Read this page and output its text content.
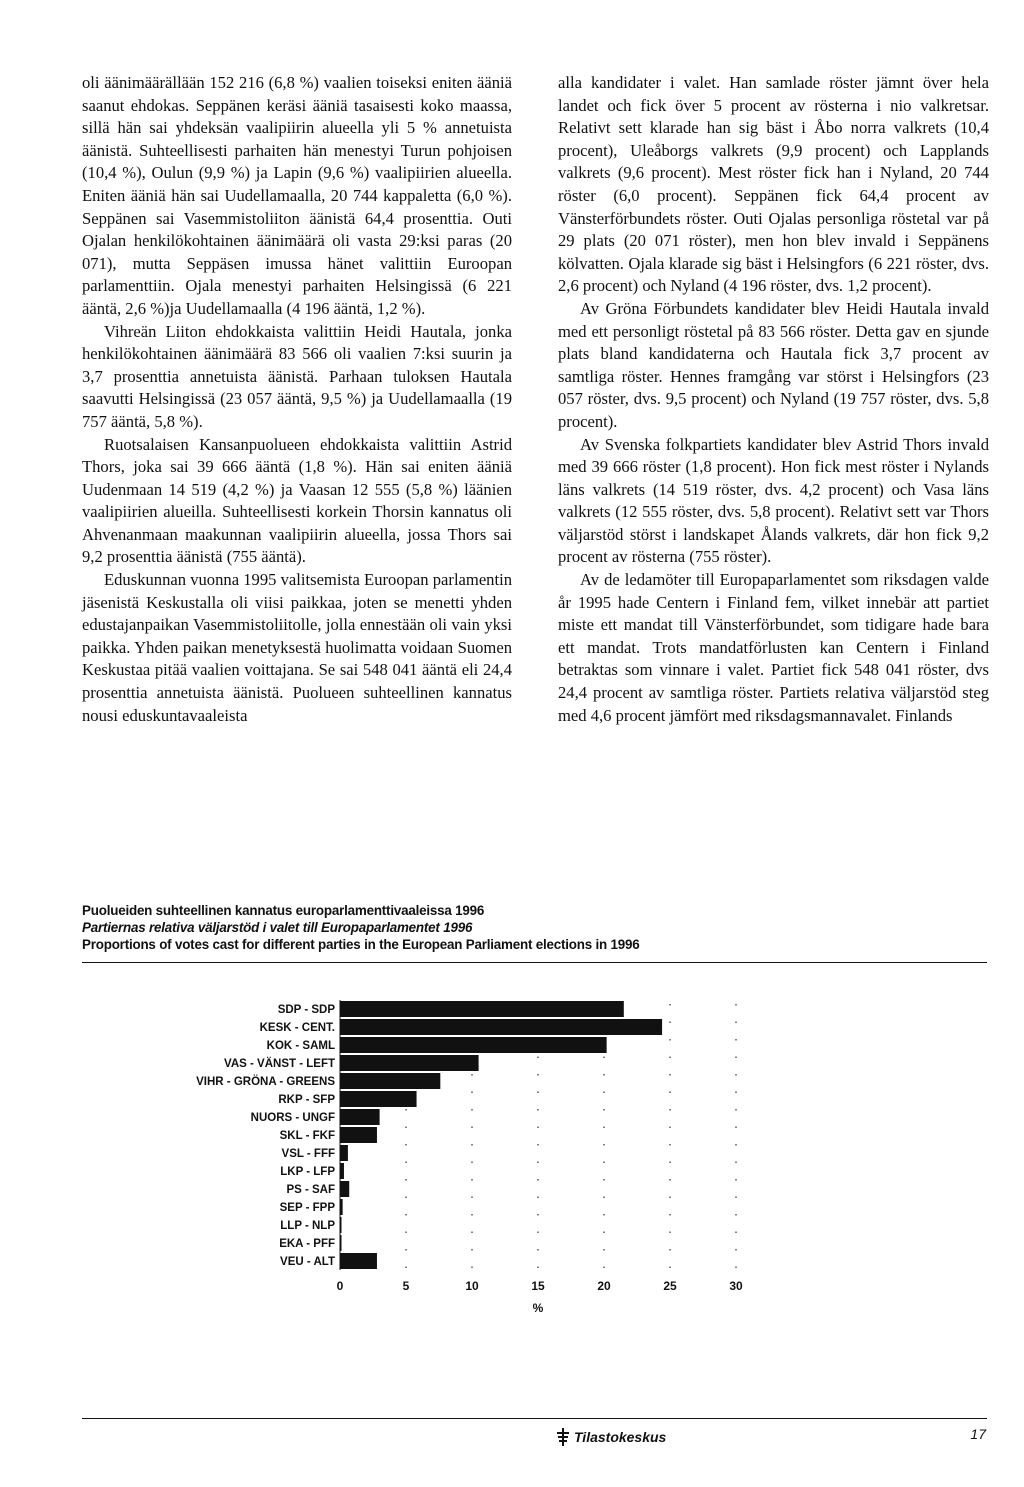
oli äänimäärällään 152 216 (6,8 %) vaalien toiseksi eniten ääniä saanut ehdokas. Seppänen keräsi ääniä tasaisesti koko maassa, sillä hän sai yhdeksän vaalipiirin alueella yli 5 % annetuista äänistä. Suhteellisesti parhaiten hän menestyi Turun pohjoisen (10,4 %), Oulun (9,9 %) ja Lapin (9,6 %) vaalipiirien alueella. Eniten ääniä hän sai Uudellamaalla, 20 744 kappaletta (6,0 %). Seppänen sai Vasemmistoliiton äänistä 64,4 prosenttia. Outi Ojalan henkilökohtainen äänimäärä oli vasta 29:ksi paras (20 071), mutta Seppäsen imussa hänet valittiin Euroopan parlamenttiin. Ojala menestyi parhaiten Helsingissä (6 221 ääntä, 2,6 %)ja Uudellamaalla (4 196 ääntä, 1,2 %).

Vihreän Liiton ehdokkaista valittiin Heidi Hautala, jonka henkilökohtainen äänimäärä 83 566 oli vaalien 7:ksi suurin ja 3,7 prosenttia annetuista äänistä. Parhaan tuloksen Hautala saavutti Helsingissä (23 057 ääntä, 9,5 %) ja Uudellamaalla (19 757 ääntä, 5,8 %).

Ruotsalaisen Kansanpuolueen ehdokkaista valittiin Astrid Thors, joka sai 39 666 ääntä (1,8 %). Hän sai eniten ääniä Uudenmaan 14 519 (4,2 %) ja Vaasan 12 555 (5,8 %) läänien vaalipiirien alueilla. Suhteellisesti korkein Thorsin kannatus oli Ahvenanmaan maakunnan vaalipiirin alueella, jossa Thors sai 9,2 prosenttia äänistä (755 ääntä).

Eduskunnan vuonna 1995 valitsemista Euroopan parlamentin jäsenistä Keskustalla oli viisi paikkaa, joten se menetti yhden edustajanpaikan Vasemmistoliitolle, jolla ennestään oli vain yksi paikka. Yhden paikan menetyksestä huolimatta voidaan Suomen Keskustaa pitää vaalien voittajana. Se sai 548 041 ääntä eli 24,4 prosenttia annetuista äänistä. Puolueen suhteellinen kannatus nousi eduskuntavaaleista

alla kandidater i valet. Han samlade röster jämnt över hela landet och fick över 5 procent av rösterna i nio valkretsar. Relativt sett klarade han sig bäst i Åbo norra valkrets (10,4 procent), Uleåborgs valkrets (9,9 procent) och Lapplands valkrets (9,6 procent). Mest röster fick han i Nyland, 20 744 röster (6,0 procent). Seppänen fick 64,4 procent av Vänsterförbundets röster. Outi Ojalas personliga röstetal var på 29 plats (20 071 röster), men hon blev invald i Seppänens kölvatten. Ojala klarade sig bäst i Helsingfors (6 221 röster, dvs. 2,6 procent) och Nyland (4 196 röster, dvs. 1,2 procent).

Av Gröna Förbundets kandidater blev Heidi Hautala invald med ett personligt röstetal på 83 566 röster. Detta gav en sjunde plats bland kandidaterna och Hautala fick 3,7 procent av samtliga röster. Hennes framgång var störst i Helsingfors (23 057 röster, dvs. 9,5 procent) och Nyland (19 757 röster, dvs. 5,8 procent).

Av Svenska folkpartiets kandidater blev Astrid Thors invald med 39 666 röster (1,8 procent). Hon fick mest röster i Nylands läns valkrets (14 519 röster, dvs. 4,2 procent) och Vasa läns valkrets (12 555 röster, dvs. 5,8 procent). Relativt sett var Thors väljarstöd störst i landskapet Ålands valkrets, där hon fick 9,2 procent av rösterna (755 röster).

Av de ledamöter till Europaparlamentet som riksdagen valde år 1995 hade Centern i Finland fem, vilket innebär att partiet miste ett mandat till Vänsterförbundet, som tidigare hade bara ett mandat. Trots mandatförlusten kan Centern i Finland betraktas som vinnare i valet. Partiet fick 548 041 röster, dvs 24,4 procent av samtliga röster. Partiets relativa väljarstöd steg med 4,6 procent jämfört med riksdagsmannavalet. Finlands

Puolueiden suhteellinen kannatus europarlamenttivaaleissa 1996
Partiernas relativa väljarstöd i valet till Europaparlamentet 1996
Proportions of votes cast for different parties in the European Parliament elections in 1996
SDP - SDP
KESK - CENT.
KOK - SAML
VAS - VÄNST - LEFT
VIHR - GRÖNA - GREENS
RKP - SFP
NUORS - UNGF
SKL - FKF
VSL - FFF
LKP - LFP
PS - SAF
SEP - FPP
LLP - NLP
EKA - PFF
VEU - ALT
0	5	10	15	20	25	30
%
Tilastokeskus	17
